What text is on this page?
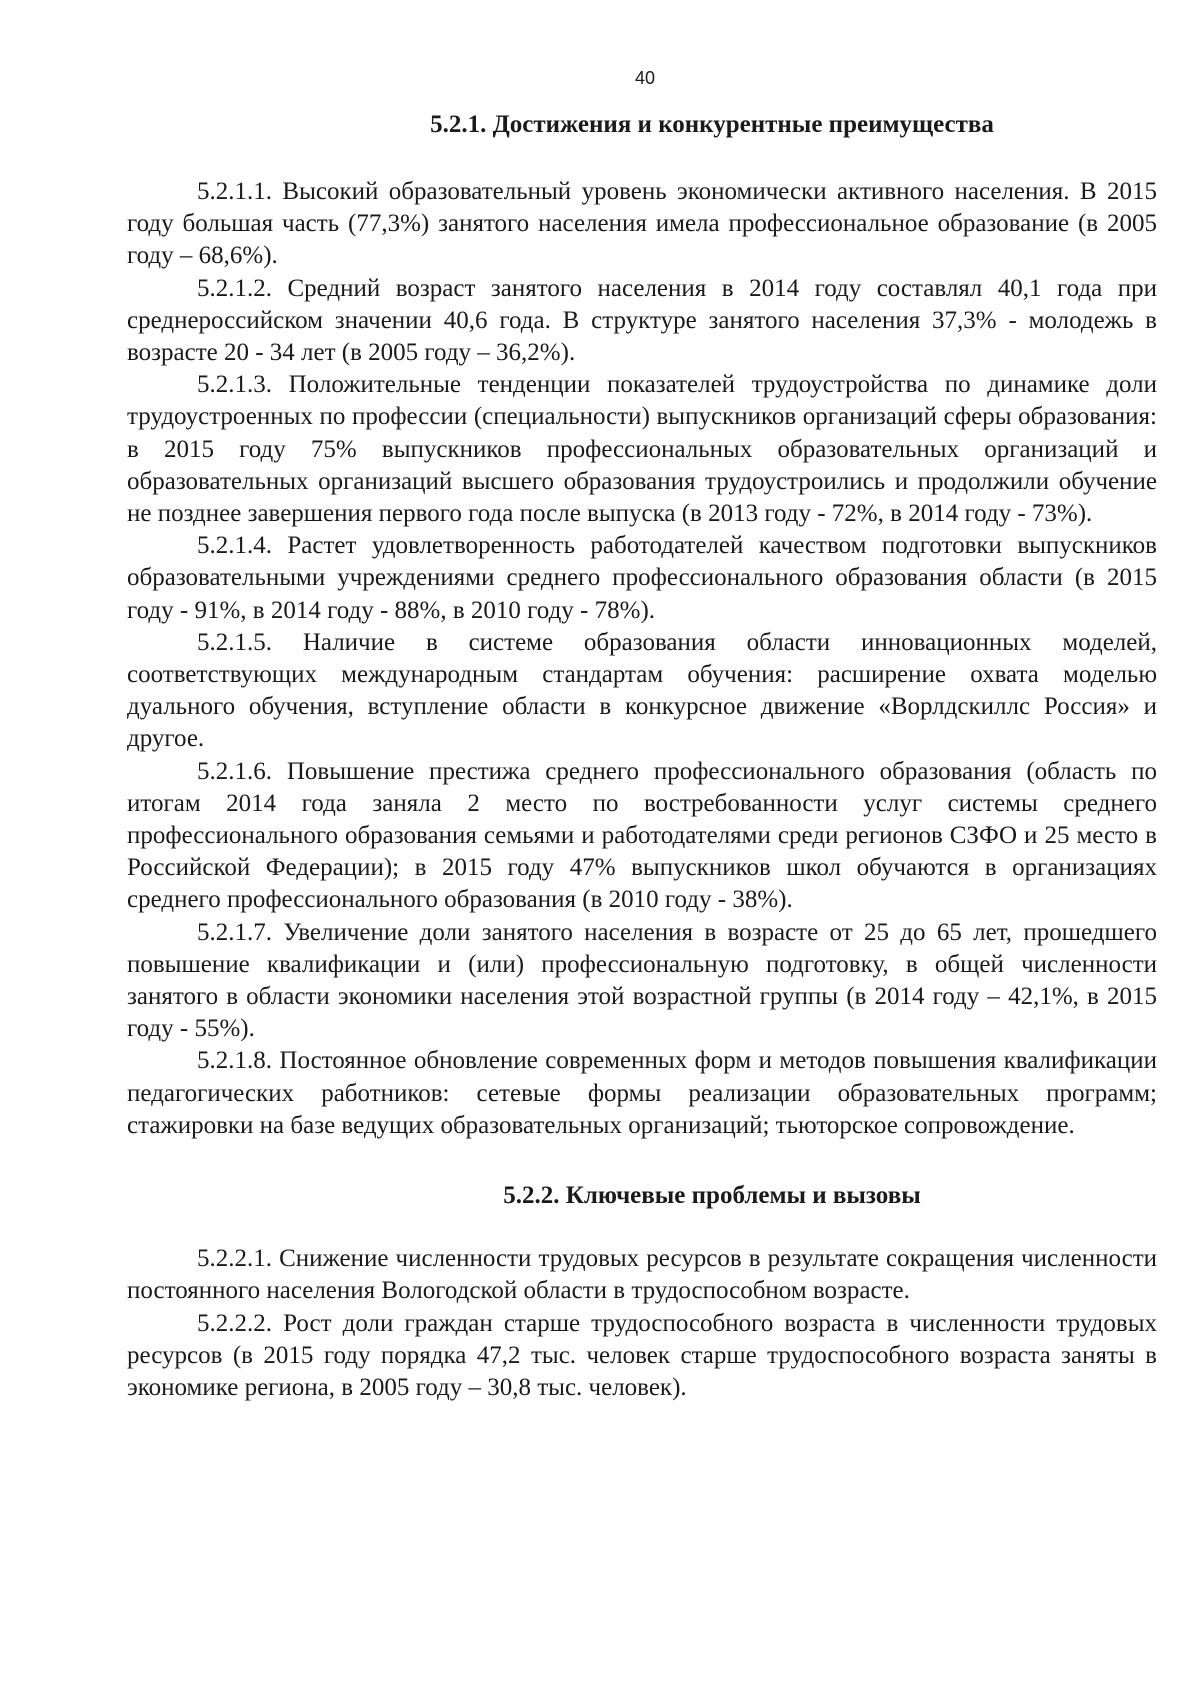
40
5.2.1. Достижения и конкурентные преимущества

5.2.1.1. Высокий образовательный уровень экономически активного населения. В 2015 году большая часть (77,3%) занятого населения имела профессиональное образование (в 2005 году – 68,6%).

5.2.1.2. Средний возраст занятого населения в 2014 году составлял 40,1 года при среднероссийском значении 40,6 года. В структуре занятого населения 37,3% - молодежь в возрасте 20 - 34 лет (в 2005 году – 36,2%).

5.2.1.3. Положительные тенденции показателей трудоустройства по динамике доли трудоустроенных по профессии (специальности) выпускников организаций сферы образования: в 2015 году 75% выпускников профессиональных образовательных организаций и образовательных организаций высшего образования трудоустроились и продолжили обучение не позднее завершения первого года после выпуска (в 2013 году - 72%, в 2014 году - 73%).

5.2.1.4. Растет удовлетворенность работодателей качеством подготовки выпускников образовательными учреждениями среднего профессионального образования области (в 2015 году - 91%, в 2014 году - 88%, в 2010 году - 78%).

5.2.1.5. Наличие в системе образования области инновационных моделей, соответствующих международным стандартам обучения: расширение охвата моделью дуального обучения, вступление области в конкурсное движение «Ворлдскиллс Россия» и другое.

5.2.1.6. Повышение престижа среднего профессионального образования (область по итогам 2014 года заняла 2 место по востребованности услуг системы среднего профессионального образования семьями и работодателями среди регионов СЗФО и 25 место в Российской Федерации); в 2015 году 47% выпускников школ обучаются в организациях среднего профессионального образования (в 2010 году - 38%).

5.2.1.7. Увеличение доли занятого населения в возрасте от 25 до 65 лет, прошедшего повышение квалификации и (или) профессиональную подготовку, в общей численности занятого в области экономики населения этой возрастной группы (в 2014 году – 42,1%, в 2015 году - 55%).

5.2.1.8. Постоянное обновление современных форм и методов повышения квалификации педагогических работников: сетевые формы реализации образовательных программ; стажировки на базе ведущих образовательных организаций; тьюторское сопровождение.

5.2.2. Ключевые проблемы и вызовы

5.2.2.1. Снижение численности трудовых ресурсов в результате сокращения численности постоянного населения Вологодской области в трудоспособном возрасте.

5.2.2.2. Рост доли граждан старше трудоспособного возраста в численности трудовых ресурсов (в 2015 году порядка 47,2 тыс. человек старше трудоспособного возраста заняты в экономике региона, в 2005 году – 30,8 тыс. человек).
